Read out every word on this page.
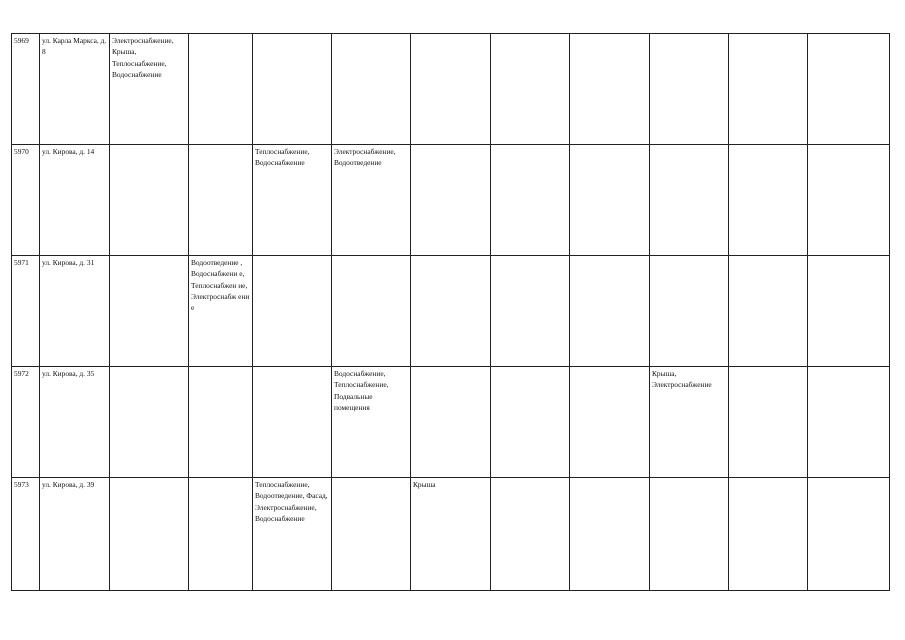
5969	ул. Карла Маркса, д. 8	Электроснабжение, Крыша, Теплоснабжение, Водоснабжение									
5970	ул. Кирова, д. 14			Теплоснабжение, Водоснабжение	Электроснабжение, Водоотведение						
5971	ул. Кирова, д. 31		Водоотведение , Водоснабжени е, Теплоснабжен ие, Электроснабж ени е								
5972	ул. Кирова, д. 35				Водоснабжение, Теплоснабжение, Подвальные помещения				Крыша, Электроснабжение		
5973	ул. Кирова, д. 39			Теплоснабжение, Водоотведение, Фасад, Электроснабжение, Водоснабжение		Крыша					
